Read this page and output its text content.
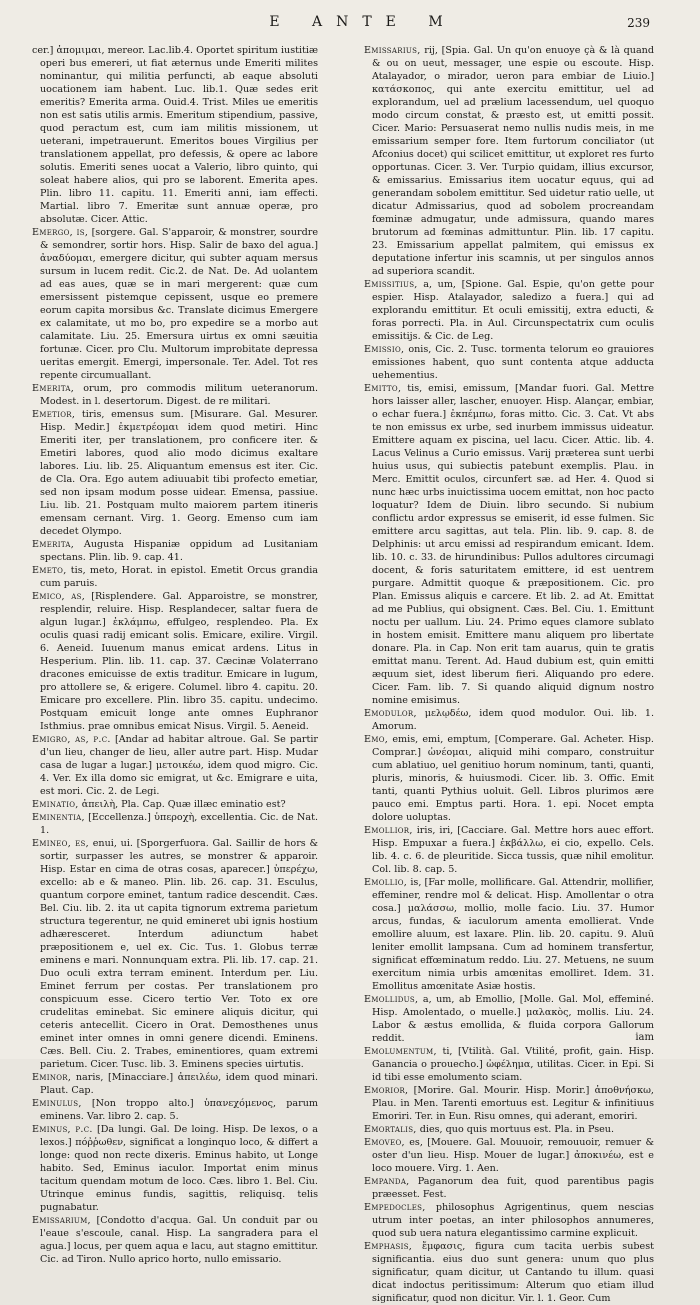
E ANTE M	239

cer.] ἀπομιμαι, mereor. Lac.lib.4. Oportet spiritum iustitiæ operi bus emereri, ut fiat æternus unde Emeriti milites nominantur, qui militia perfuncti, ab eaque absoluti uocationem iam habent. Luc. lib.1. Quæ sedes erit emeritis? Emerita arma. Ouid.4. Trist. Miles ue emeritis non est satis utilis armis. Emeritum stipendium, passive, quod peractum est, cum iam militis missionem, ut ueterani, impetrauerunt. Emeritos boues Virgilius per translationem appellat, pro defessis, & opere ac labore solutis. Emeriti senes uocat a Valerio, libro quinto, qui soleat habere alios, qui pro se laborent. Emerita apes. Plin. libro 11. capitu. 11. Emeriti anni, iam effecti. Martial. libro 7. Emeritæ sunt annuæ operæ, pro absolutæ. Cicer. Attic.

Emergo, is, [sorgere. Gal. S'apparoir, & monstrer, sourdre & semondrer, sortir hors. Hisp. Salir de baxo del agua.] ἀναδύομαι, emergere dicitur, qui subter aquam mersus sursum in lucem redit. Cic.2. de Nat. De. Ad uolantem ad eas aues, quæ se in mari mergerent: quæ cum emersissent pistemque cepissent, usque eo premere eorum capita morsibus &c. Translate dicimus Emergere ex calamitate, ut mo bo, pro expedire se a morbo aut calamitate. Liu. 25. Emersura uirtus ex omni sæuitia fortunæ. Cicer. pro Clu. Multorum improbitate depressa ueritas emergit. Emergi, impersonale. Ter. Adel. Tot res repente circumuallant.

Emerita, orum, pro commodis militum ueteranorum. Modest. in l. desertorum. Digest. de re militari.

Emetior, tiris, emensus sum. [Misurare. Gal. Mesurer. Hisp. Medir.] ἐκμετρέομαι idem quod metiri. Hinc Emeriti iter, per translationem, pro conficere iter. & Emetiri labores, quod alio modo dicimus exaltare labores. Liu. lib. 25. Aliquantum emensus est iter. Cic. de Cla. Ora. Ego autem adiuuabit tibi profecto emetiar, sed non ipsam modum posse uidear. Emensa, passiue. Liu. lib. 21. Postquam multo maiorem partem itineris emensam cernant. Virg. 1. Georg. Emenso cum iam decedet Olympo.

Emerita, Augusta Hispaniæ oppidum ad Lusitaniam spectans. Plin. lib. 9. cap. 41.

Emeto, tis, meto, Horat. in epistol. Emetit Orcus grandia cum paruis.

Emico, as, [Risplendere. Gal. Apparoistre, se monstrer, resplendir, reluire. Hisp. Resplandecer, saltar fuera de algun lugar.] ἐκλάμπω, effulgeo, resplendeo. Pla. Ex oculis quasi radij emicant solis. Emicare, exilire. Virgil. 6. Aeneid. Iuuenum manus emicat ardens. Litus in Hesperium. Plin. lib. 11. cap. 37. Cæcinæ Volaterrano dracones emicuisse de extis traditur. Emicare in lugum, pro attollere se, & erigere. Columel. libro 4. capitu. 20. Emicare pro excellere. Plin. libro 35. capitu. undecimo. Postquam emicuit longe ante omnes Euphranor Isthmius. prae omnibus emicat Nisus. Virgil. 5. Aeneid.

Emigro, as, p.c. [Andar ad habitar altroue. Gal. Se partir d'un lieu, changer de lieu, aller autre part. Hisp. Mudar casa de lugar a lugar.] μετοικέω, idem quod migro. Cic. 4. Ver. Ex illa domo sic emigrat, ut &c. Emigrare e uita, est mori. Cic. 2. de Legi.

Eminatio, ἀπειλὴ, Pla. Cap. Quæ illæc eminatio est?

Eminentia, [Eccellenza.] ὑπεροχὴ, excellentia. Cic. de Nat. 1.

Emineo, es, enui, ui. [Sporgerfuora. Gal. Saillir de hors & sortir, surpasser les autres, se monstrer & apparoir. Hisp. Estar en cima de otras cosas, aparecer.] ὑπερέχω, excello: ab e & maneo. Plin. lib. 26. cap. 31. Esculus, quantum corpore eminet, tantum radice descendit. Cæs. Bel. Ciu. lib. 2. ita ut capita tignorum extrema parietum structura tegerentur, ne quid emineret ubi ignis hostium adhæresceret. Interdum adiunctum habet præpositionem e, uel ex. Cic. Tus. 1. Globus terræ eminens e mari. Nonnunquam extra. Pli. lib. 17. cap. 21. Duo oculi extra terram eminent. Interdum per. Liu. Eminet ferrum per costas. Per translationem pro conspicuum esse. Cicero tertio Ver. Toto ex ore crudelitas eminebat. Sic eminere aliquis dicitur, qui ceteris antecellit. Cicero in Orat. Demosthenes unus eminet inter omnes in omni genere dicendi. Eminens. Cæs. Bell. Ciu. 2. Trabes, eminentiores, quam extremi parietum. Cicer. Tusc. lib. 3. Eminens species uirtutis.

Eminor, naris, [Minacciare.] ἀπειλέω, idem quod minari. Plaut. Cap.

Eminulus, [Non troppo alto.] ὑπανεχόμενος, parum eminens. Var. libro 2. cap. 5.

Eminus, p.c. [Da lungi. Gal. De loing. Hisp. De lexos, o a lexos.] πόῤῥωθεν, significat a longinquo loco, & differt a longe: quod non recte dixeris. Eminus habito, ut Longe habito. Sed, Eminus iaculor. Importat enim minus tacitum quendam motum de loco. Cæs. libro 1. Bel. Ciu. Utrinque eminus fundis, sagittis, reliquisq. telis pugnabatur.

Emissarium, [Condotto d'acqua. Gal. Un conduit par ou l'eaue s'escoule, canal. Hisp. La sangradera para el agua.] locus, per quem aqua e lacu, aut stagno emittitur. Cic. ad Tiron. Nullo aprico horto, nullo emissario.

Emissarius, rij, [Spia. Gal. Un qu'on enuoye çà & là quand & ou on ueut, messager, une espie ou escoute. Hisp. Atalayador, o mirador, ueron para embiar de Liuio.] κατάσκοπος, qui ante exercitu emittitur, uel ad explorandum, uel ad prælium lacessendum, uel quoquo modo circum constat, & præsto est, ut emitti possit. Cicer. Mario: Persuaserat nemo nullis nudis meis, in me emissarium semper fore. Item furtorum conciliator (ut Afconius docet) qui scilicet emittitur, ut exploret res furto opportunas. Cicer. 3. Ver. Turpio quidam, illius excursor, & emissarius. Emissarius item uocatur equus, qui ad generandam sobolem emittitur. Sed uidetur ratio uelle, ut dicatur Admissarius, quod ad sobolem procreandam fœminæ admugatur, unde admissura, quando mares brutorum ad fœminas admittuntur. Plin. lib. 17 capitu. 23. Emissarium appellat palmitem, qui emissus ex deputatione infertur inis scamnis, ut per singulos annos ad superiora scandit.

Emissitius, a, um, [Spione. Gal. Espie, qu'on gette pour espier. Hisp. Atalayador, saledizo a fuera.] qui ad explorandu emittitur. Et oculi emissitij, extra educti, & foras porrecti. Pla. in Aul. Circunspectatrix cum oculis emissitijs. & Cic. de Leg.

Emissio, onis, Cic. 2. Tusc. tormenta telorum eo grauiores emissiones habent, quo sunt contenta atque adducta uehementius.

Emitto, tis, emisi, emissum, [Mandar fuori. Gal. Mettre hors laisser aller, lascher, enuoyer. Hisp. Alançar, embiar, o echar fuera.] ἐκπέμπω, foras mitto. Cic. 3. Cat. Vt abs te non emissus ex urbe, sed inurbem immissus uideatur. Emittere aquam ex piscina, uel lacu. Cicer. Attic. lib. 4. Lacus Velinus a Curio emissus. Varij præterea sunt uerbi huius usus, qui subiectis patebunt exemplis. Plau. in Merc. Emittit oculos, circunfert sæ. ad Her. 4. Quod si nunc hæc urbs inuictissima uocem emittat, non hoc pacto loquatur? Idem de Diuin. libro secundo. Si nubium conflictu ardor expressus se emiserit, id esse fulmen. Sic emittere arcu sagittas, aut tela. Plin. lib. 9. cap. 8. de Delphinis: ut arcu emissi ad respirandum emicant. Idem. lib. 10. c. 33. de hirundinibus: Pullos adultores circumagi docent, & foris saturitatem emittere, id est uentrem purgare. Admittit quoque & præpositionem. Cic. pro Plan. Emissus aliquis e carcere. Et lib. 2. ad At. Emittat ad me Publius, qui obsignent. Cæs. Bel. Ciu. 1. Emittunt noctu per uallum. Liu. 24. Primo eques clamore sublato in hostem emisit. Emittere manu aliquem pro libertate donare. Pla. in Cap. Non erit tam auarus, quin te gratis emittat manu. Terent. Ad. Haud dubium est, quin emitti æquum siet, idest liberum fieri. Aliquando pro edere. Cicer. Fam. lib. 7. Si quando aliquid dignum nostro nomine emisimus.

Emodulor, μελῳδέω, idem quod modulor. Oui. lib. 1. Amorum.

Emo, emis, emi, emptum, [Comperare. Gal. Acheter. Hisp. Comprar.] ὠνέομαι, aliquid mihi comparo, construitur cum ablatiuo, uel genitiuo horum nominum, tanti, quanti, pluris, minoris, & huiusmodi. Cicer. lib. 3. Offic. Emit tanti, quanti Pythius uoluit. Gell. Libros plurimos ære pauco emi. Emptus parti. Hora. 1. epi. Nocet empta dolore uoluptas.

Emollior, iris, iri, [Cacciare. Gal. Mettre hors auec effort. Hisp. Empuxar a fuera.] ἐκβάλλω, ei cio, expello. Cels. lib. 4. c. 6. de pleuritide. Sicca tussis, quæ nihil emolitur. Col. lib. 8. cap. 5.

Emollio, is, [Far molle, mollificare. Gal. Attendrir, mollifier, effeminer, rendre mol & delicat. Hisp. Amollentar o otra cosa.] μαλάσσω, mollio, molle facio. Liu. 37. Humor arcus, fundas, & iaculorum amenta emollierat. Vnde emollire aluum, est laxare. Plin. lib. 20. capitu. 9. Aluū leniter emollit lampsana. Cum ad hominem transfertur, significat effœminatum reddo. Liu. 27. Metuens, ne suum exercitum nimia urbis amœnitas emolliret. Idem. 31. Emollitus amœnitate Asiæ hostis.

Emollidus, a, um, ab Emollio, [Molle. Gal. Mol, effeminé. Hisp. Amolentado, o muelle.] μαλακὸς, mollis. Liu. 24. Labor & æstus emollida, & fluida corpora Gallorum reddit.

Emolumentum, ti, [Vtilità. Gal. Vtilité, profit, gain. Hisp. Ganancia o prouecho.] ὠφέλημα, utilitas. Cicer. in Epi. Si id tibi esse emolumento sciam.

Emorior, [Morire. Gal. Mourir. Hisp. Morir.] ἀποθνήσκω, Plau. in Men. Tarenti emortuus est. Legitur & infinitiuus Emoriri. Ter. in Eun. Risu omnes, qui aderant, emoriri.

Emortalis, dies, quo quis mortuus est. Pla. in Pseu.

Emoveo, es, [Mouere. Gal. Mouuoir, remouuoir, remuer & oster d'un lieu. Hisp. Mouer de lugar.] ἀποκινέω, est e loco mouere. Virg. 1. Aen.

Empanda, Paganorum dea fuit, quod parentibus pagis præesset. Fest.

Empedocles, philosophus Agrigentinus, quem nescias utrum inter poetas, an inter philosophos annumeres, quod sub uera natura elegantissimo carmine explicuit.

Emphasis, ἔμφασις, figura cum tacita uerbis subest significantia. eius duo sunt genera: unum quo plus significatur, quam dicitur, ut Cantando tu illum. quasi dicat indoctus peritissimum: Alterum quo etiam illud significatur, quod non dicitur. Vir. l. 1. Geor. Cum

iam
